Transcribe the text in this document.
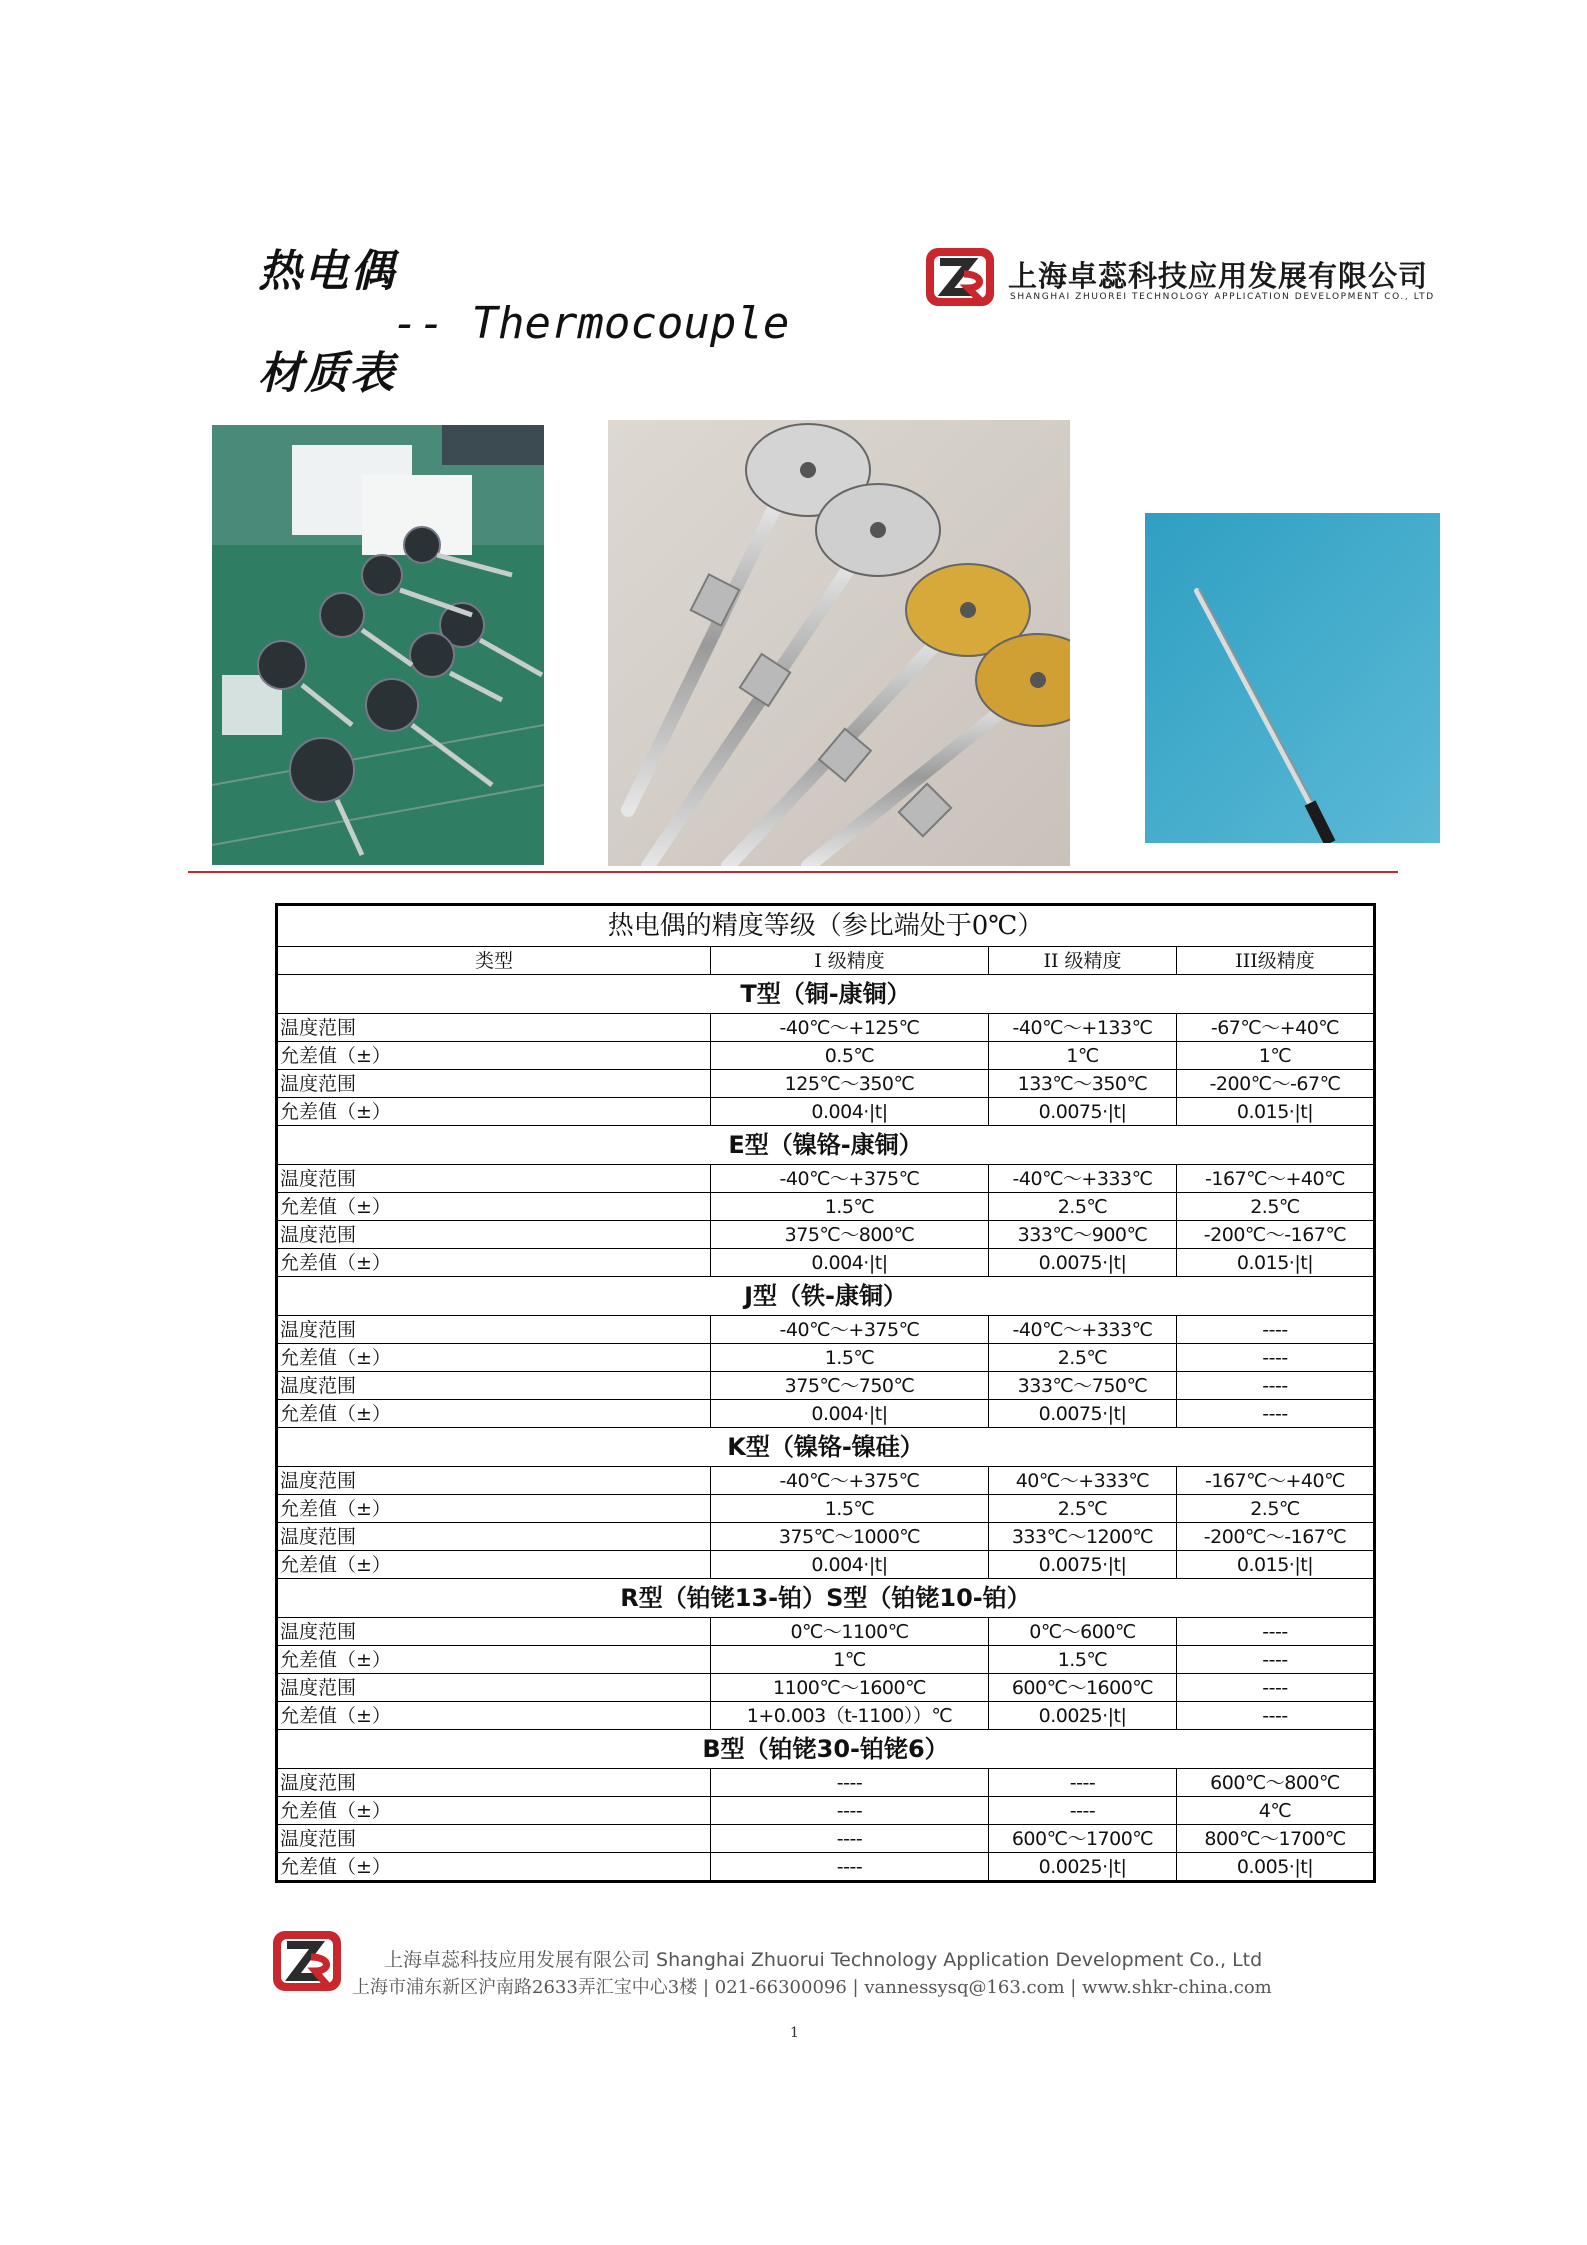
热电偶
-- Thermocouple
材质表
上海卓蕊科技应用发展有限公司
SHANGHAI ZHUOREI TECHNOLOGY APPLICATION DEVELOPMENT CO., LTD
热电偶的精度等级（参比端处于0℃）			
类型	I 级精度	II 级精度	III级精度
T型（铜-康铜）			
温度范围	-40℃～+125℃	-40℃～+133℃	-67℃～+40℃
允差值（±）	0.5℃	1℃	1℃
温度范围	125℃～350℃	133℃～350℃	-200℃～-67℃
允差值（±）	0.004·|t|	0.0075·|t|	0.015·|t|
E型（镍铬-康铜）			
温度范围	-40℃～+375℃	-40℃～+333℃	-167℃～+40℃
允差值（±）	1.5℃	2.5℃	2.5℃
温度范围	375℃～800℃	333℃～900℃	-200℃～-167℃
允差值（±）	0.004·|t|	0.0075·|t|	0.015·|t|
J型（铁-康铜）			
温度范围	-40℃～+375℃	-40℃～+333℃	----
允差值（±）	1.5℃	2.5℃	----
温度范围	375℃～750℃	333℃～750℃	----
允差值（±）	0.004·|t|	0.0075·|t|	----
K型（镍铬-镍硅）			
温度范围	-40℃～+375℃	40℃～+333℃	-167℃～+40℃
允差值（±）	1.5℃	2.5℃	2.5℃
温度范围	375℃～1000℃	333℃～1200℃	-200℃～-167℃
允差值（±）	0.004·|t|	0.0075·|t|	0.015·|t|
R型（铂铑13-铂）S型（铂铑10-铂）			
温度范围	0℃～1100℃	0℃～600℃	----
允差值（±）	1℃	1.5℃	----
温度范围	1100℃～1600℃	600℃～1600℃	----
允差值（±）	1+0.003（t-1100））℃	0.0025·|t|	----
B型（铂铑30-铂铑6）			
温度范围	----	----	600℃～800℃
允差值（±）	----	----	4℃
温度范围	----	600℃～1700℃	800℃～1700℃
允差值（±）	----	0.0025·|t|	0.005·|t|
上海卓蕊科技应用发展有限公司 Shanghai Zhuorui Technology Application Development Co., Ltd
上海市浦东新区沪南路2633弄汇宝中心3楼 | 021-66300096 | vannessysq@163.com | www.shkr-china.com
1
